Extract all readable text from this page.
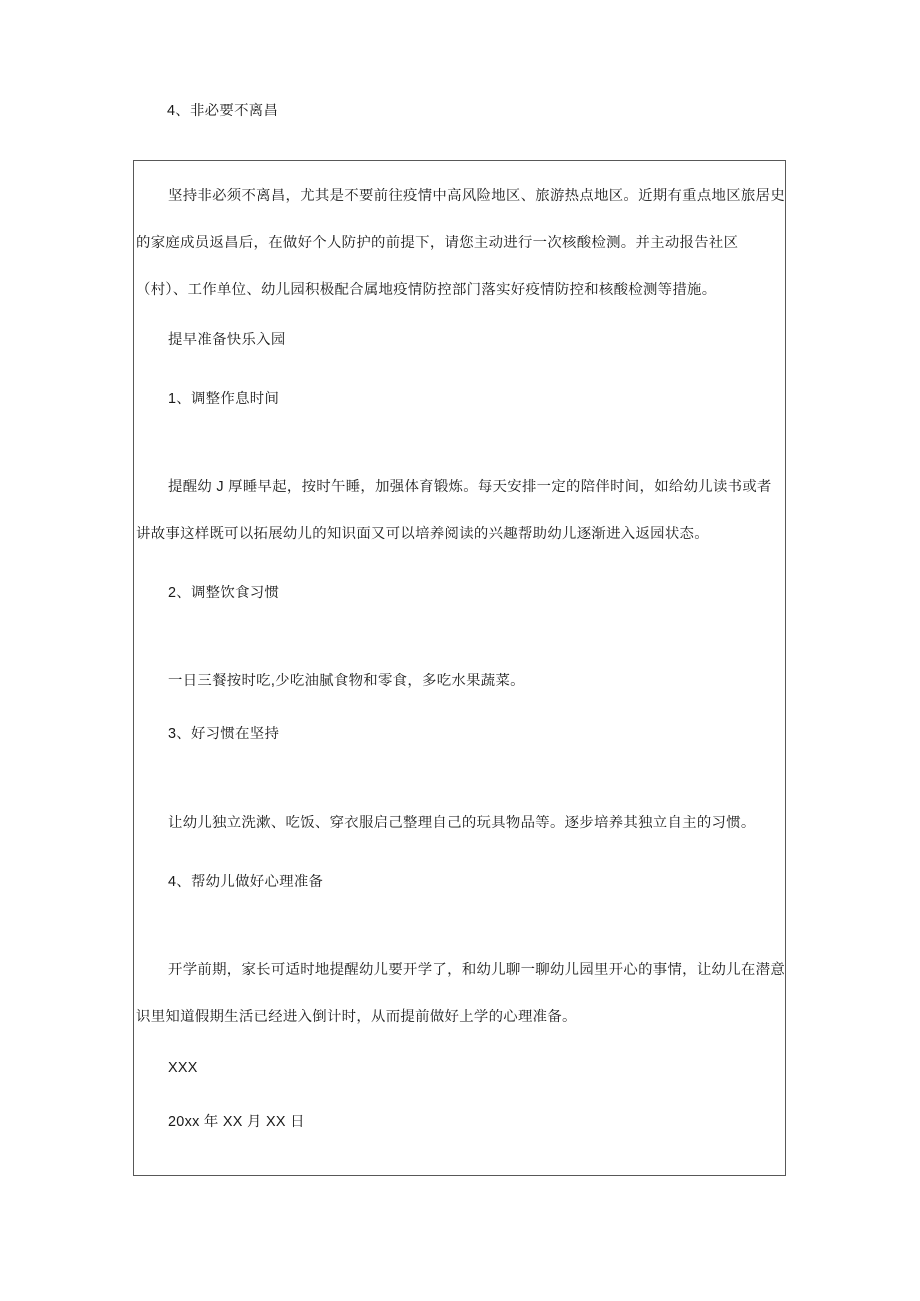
4、非必要不离昌

坚持非必须不离昌，尤其是不要前往疫情中高风险地区、旅游热点地区。近期有重点地区旅居史的家庭成员返昌后，在做好个人防护的前提下，请您主动进行一次核酸检测。并主动报告社区（村）、工作单位、幼儿园积极配合属地疫情防控部门落实好疫情防控和核酸检测等措施。

提早准备快乐入园

1、调整作息时间

提醒幼 J 厚睡早起，按时午睡，加强体育锻炼。每天安排一定的陪伴时间，如给幼儿读书或者讲故事这样既可以拓展幼儿的知识面又可以培养阅读的兴趣帮助幼儿逐渐进入返园状态。

2、调整饮食习惯

一日三餐按时吃,少吃油腻食物和零食，多吃水果蔬菜。

3、好习惯在坚持

让幼儿独立洗漱、吃饭、穿衣服启己整理自己的玩具物品等。逐步培养其独立自主的习惯。

4、帮幼儿做好心理准备

开学前期，家长可适时地提醒幼儿要开学了，和幼儿聊一聊幼儿园里开心的事情，让幼儿在潜意识里知道假期生活已经进入倒计时，从而提前做好上学的心理准备。

XXX

20xx 年 XX 月 XX 日
